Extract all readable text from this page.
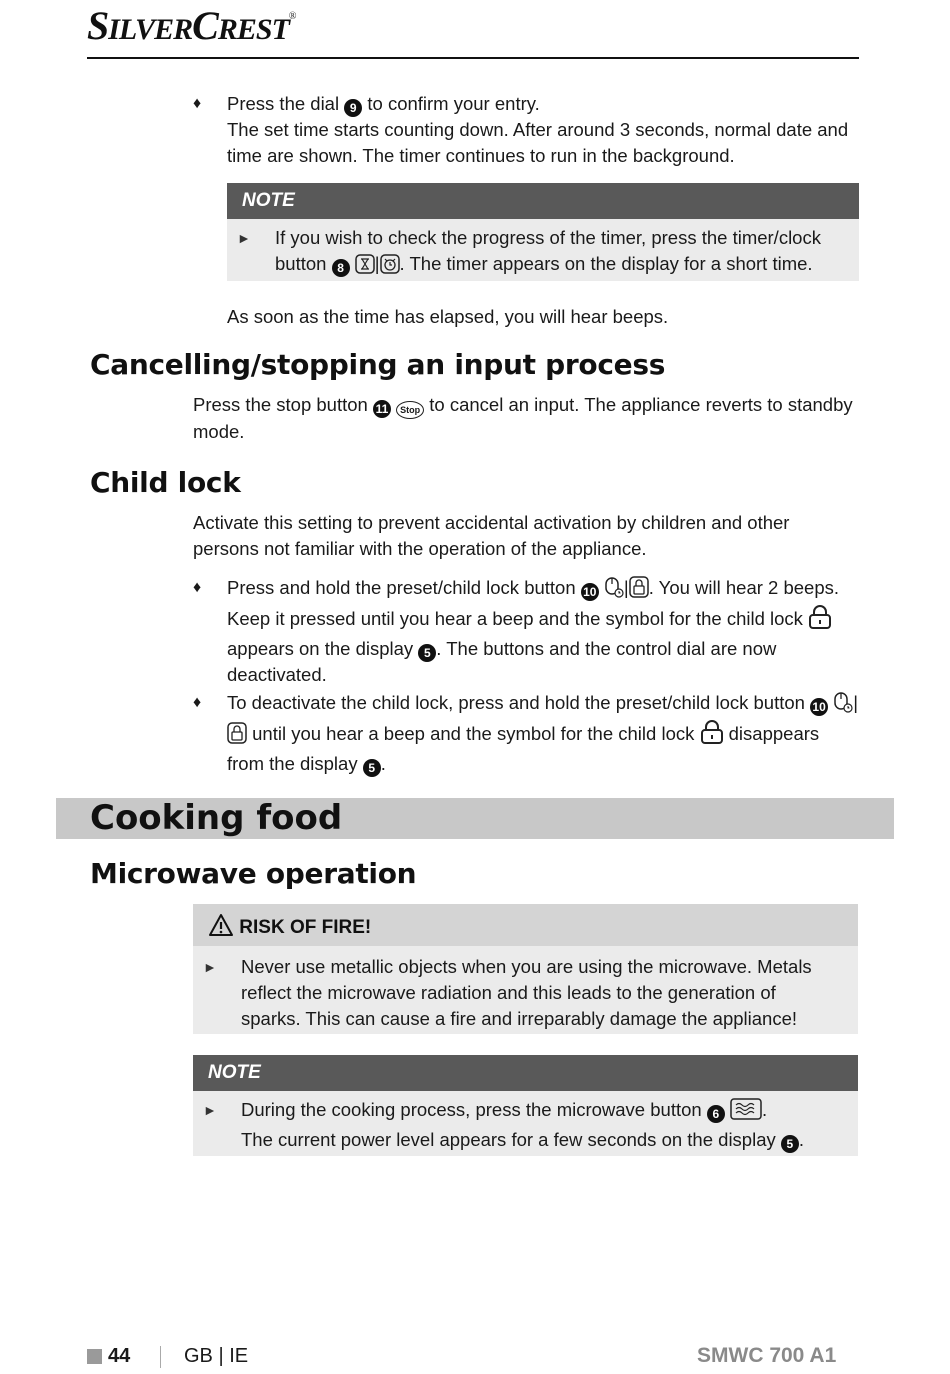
SILVERCREST®
♦	Press the dial 9 to confirm your entry.

The set time starts counting down. After around 3 seconds, normal date and time are shown. The timer continues to run in the background.

NOTE
►	If you wish to check the progress of the timer, press the timer/clock button 8 | . The timer appears on the display for a short time.

As soon as the time has elapsed, you will hear beeps.

Cancelling/stopping an input process

Press the stop button 11 Stop to cancel an input. The appliance reverts to standby mode.

Child lock

Activate this setting to prevent accidental activation by children and other persons not familiar with the operation of the appliance.

♦	Press and hold the preset/child lock button 10 | . You will hear 2 beeps. Keep it pressed until you hear a beep and the symbol for the child lock  appears on the display 5 . The buttons and the control dial are now deactivated.
♦	To deactivate the child lock, press and hold the preset/child lock button 10 | until you hear a beep and the symbol for the child lock disappears from the display 5 .
Cooking food
Microwave operation
RISK OF FIRE!
►	Never use metallic objects when you are using the microwave. Metals reflect the microwave radiation and this leads to the generation of sparks. This can cause a fire and irreparably damage the appliance!
NOTE
►	During the cooking process, press the microwave button 6 .
The current power level appears for a few seconds on the display 5 .
44	GB | IE	SMWC 700 A1
